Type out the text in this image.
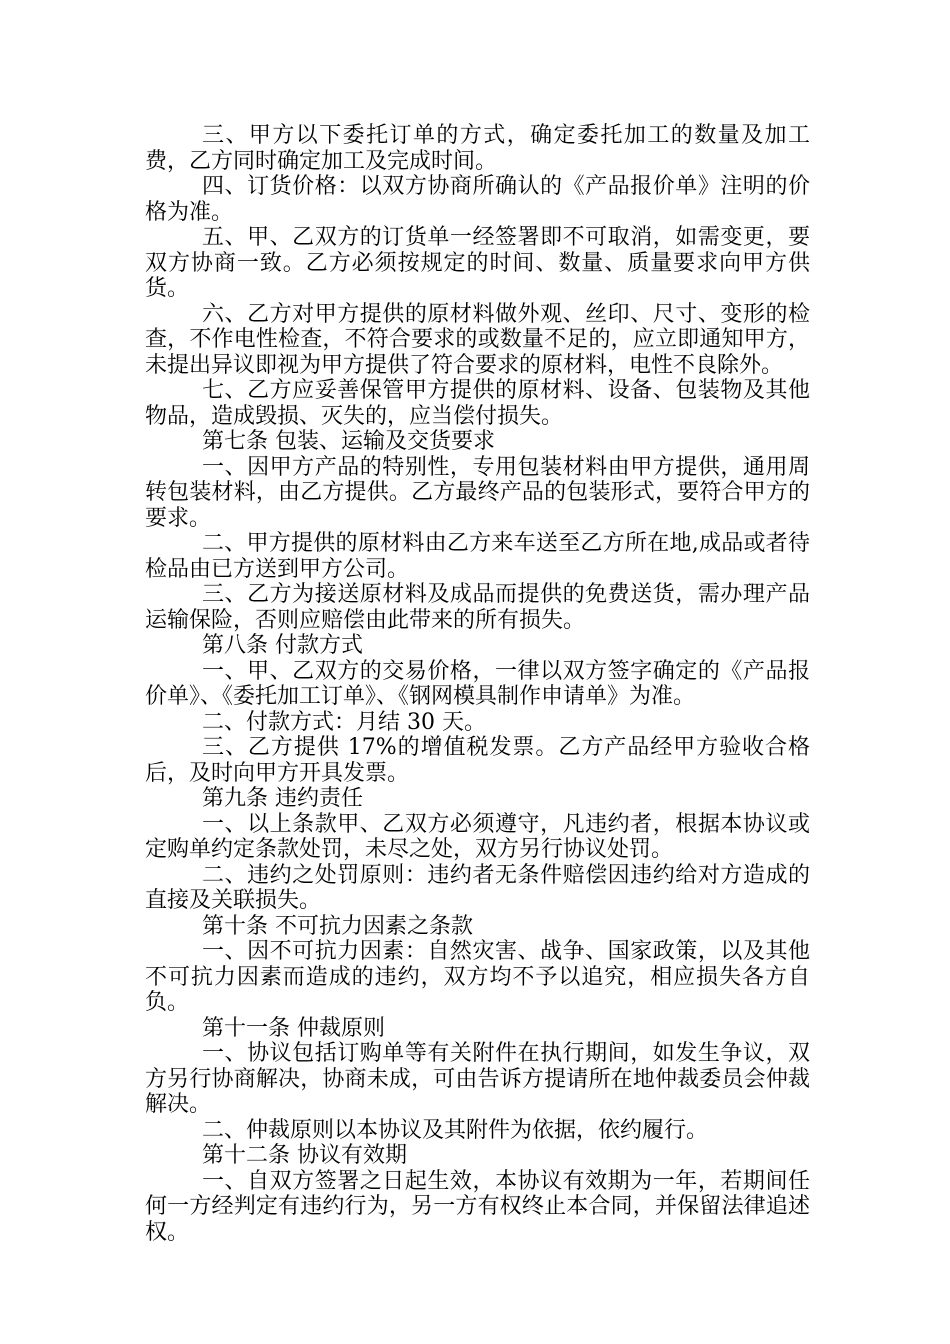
三、甲方以下委托订单的方式，确定委托加工的数量及加工费，乙方同时确定加工及完成时间。

四、订货价格：以双方协商所确认的《产品报价单》注明的价格为准。

五、甲、乙双方的订货单一经签署即不可取消，如需变更，要双方协商一致。乙方必须按规定的时间、数量、质量要求向甲方供货。

六、乙方对甲方提供的原材料做外观、丝印、尺寸、变形的检查，不作电性检查，不符合要求的或数量不足的，应立即通知甲方，未提出异议即视为甲方提供了符合要求的原材料，电性不良除外。

七、乙方应妥善保管甲方提供的原材料、设备、包装物及其他物品，造成毁损、灭失的，应当偿付损失。

第七条 包装、运输及交货要求

一、因甲方产品的特别性，专用包装材料由甲方提供，通用周转包装材料，由乙方提供。乙方最终产品的包装形式，要符合甲方的要求。

二、甲方提供的原材料由乙方来车送至乙方所在地,成品或者待检品由已方送到甲方公司。

三、乙方为接送原材料及成品而提供的免费送货，需办理产品运输保险，否则应赔偿由此带来的所有损失。

第八条 付款方式

一、甲、乙双方的交易价格，一律以双方签字确定的《产品报价单》、《委托加工订单》、《钢网模具制作申请单》为准。

二、付款方式：月结 30 天。

三、乙方提供 17%的增值税发票。乙方产品经甲方验收合格后，及时向甲方开具发票。

第九条 违约责任

一、以上条款甲、乙双方必须遵守，凡违约者，根据本协议或定购单约定条款处罚，未尽之处，双方另行协议处罚。

二、违约之处罚原则：违约者无条件赔偿因违约给对方造成的直接及关联损失。

第十条 不可抗力因素之条款

一、因不可抗力因素：自然灾害、战争、国家政策，以及其他不可抗力因素而造成的违约，双方均不予以追究，相应损失各方自负。

第十一条 仲裁原则

一、协议包括订购单等有关附件在执行期间，如发生争议，双方另行协商解决，协商未成，可由告诉方提请所在地仲裁委员会仲裁解决。

二、仲裁原则以本协议及其附件为依据，依约履行。

第十二条 协议有效期

一、自双方签署之日起生效，本协议有效期为一年，若期间任何一方经判定有违约行为，另一方有权终止本合同，并保留法律追述权。
